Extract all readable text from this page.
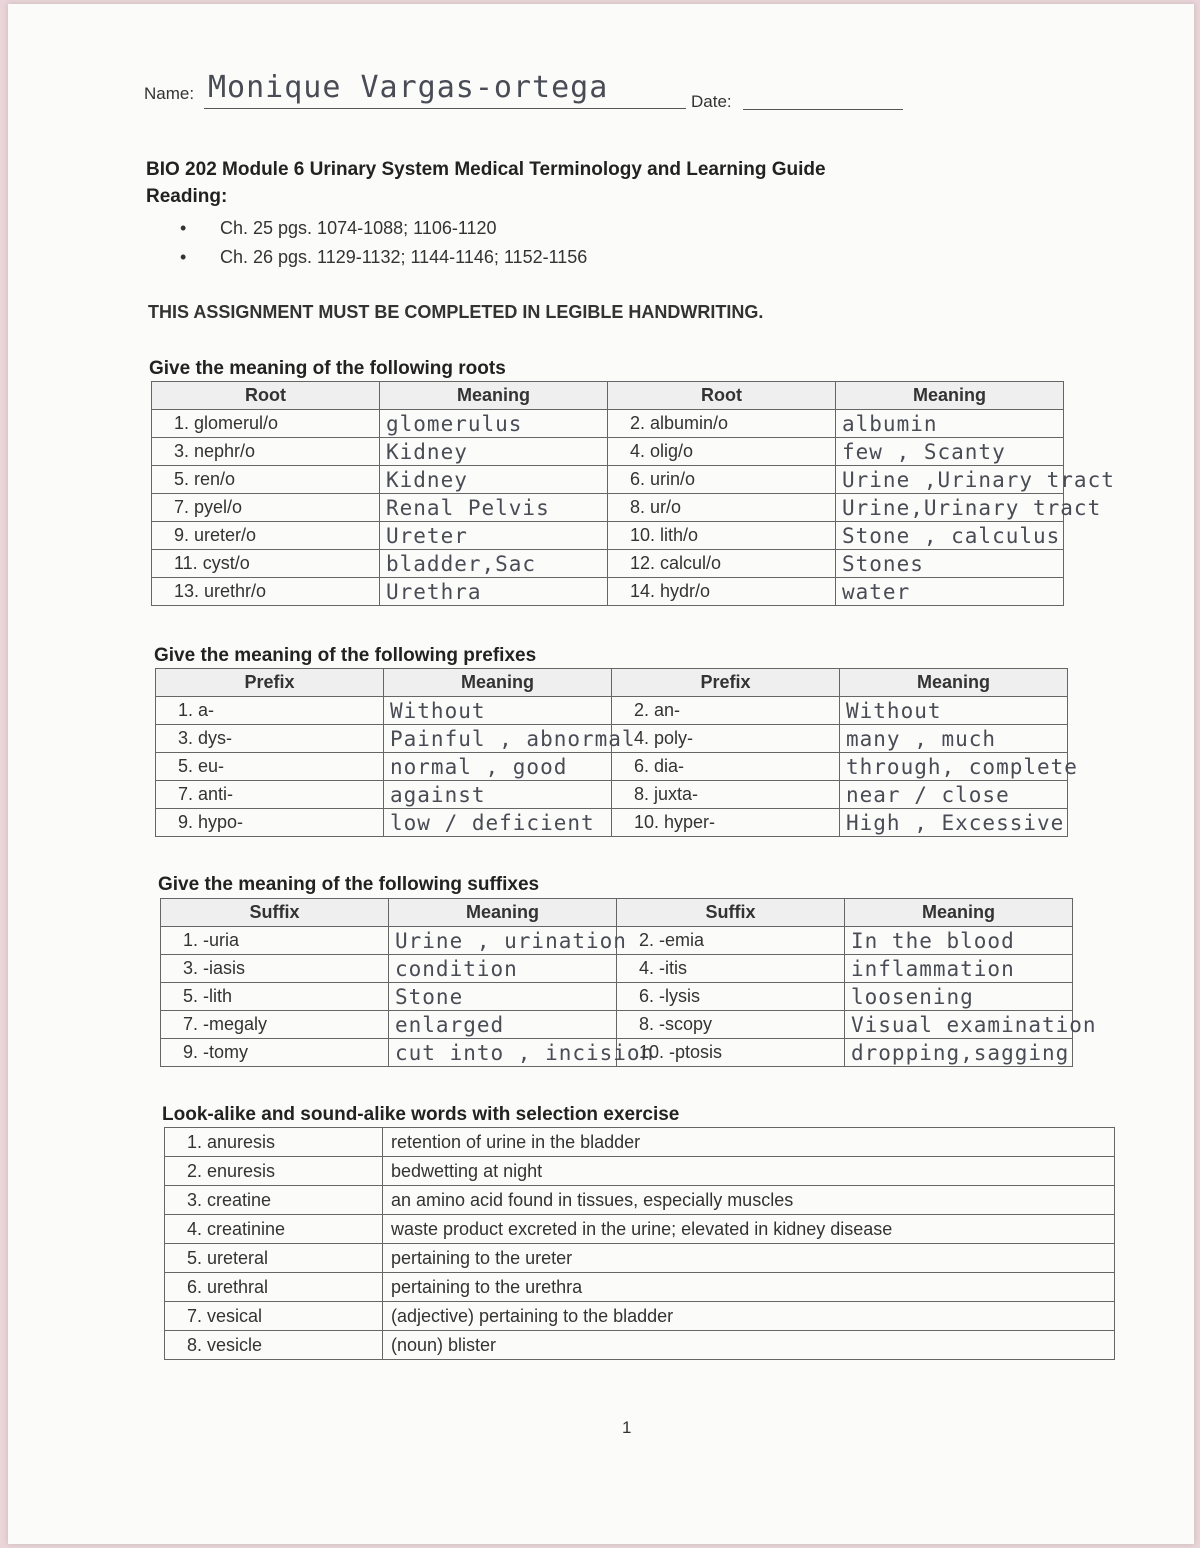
Name: Monique Vargas-ortega	Date:
BIO 202 Module 6 Urinary System Medical Terminology and Learning Guide
Reading:
• Ch. 25 pgs. 1074-1088; 1106-1120
• Ch. 26 pgs. 1129-1132; 1144-1146; 1152-1156
THIS ASSIGNMENT MUST BE COMPLETED IN LEGIBLE HANDWRITING.
Give the meaning of the following roots
Root	Meaning	Root	Meaning
1. glomerul/o	glomerulus	2. albumin/o	albumin
3. nephr/o	Kidney	4. olig/o	few , Scanty
5. ren/o	Kidney	6. urin/o	Urine ,Urinary tract
7. pyel/o	Renal Pelvis	8. ur/o	Urine,Urinary tract
9. ureter/o	Ureter	10. lith/o	Stone , calculus
11. cyst/o	bladder,Sac	12. calcul/o	Stones
13. urethr/o	Urethra	14. hydr/o	water
Give the meaning of the following prefixes
Prefix	Meaning	Prefix	Meaning
1. a-	Without	2. an-	Without
3. dys-	Painful , abnormal	4. poly-	many , much
5. eu-	normal , good	6. dia-	through, complete
7. anti-	against	8. juxta-	near / close
9. hypo-	low / deficient	10. hyper-	High , Excessive
Give the meaning of the following suffixes
Suffix	Meaning	Suffix	Meaning
1. -uria	Urine , urination	2. -emia	In the blood
3. -iasis	condition	4. -itis	inflammation
5. -lith	Stone	6. -lysis	loosening
7. -megaly	enlarged	8. -scopy	Visual examination
9. -tomy	cut into , incision	10. -ptosis	dropping,sagging
Look-alike and sound-alike words with selection exercise
1. anuresis	retention of urine in the bladder
2. enuresis	bedwetting at night
3. creatine	an amino acid found in tissues, especially muscles
4. creatinine	waste product excreted in the urine; elevated in kidney disease
5. ureteral	pertaining to the ureter
6. urethral	pertaining to the urethra
7. vesical	(adjective) pertaining to the bladder
8. vesicle	(noun) blister
1
